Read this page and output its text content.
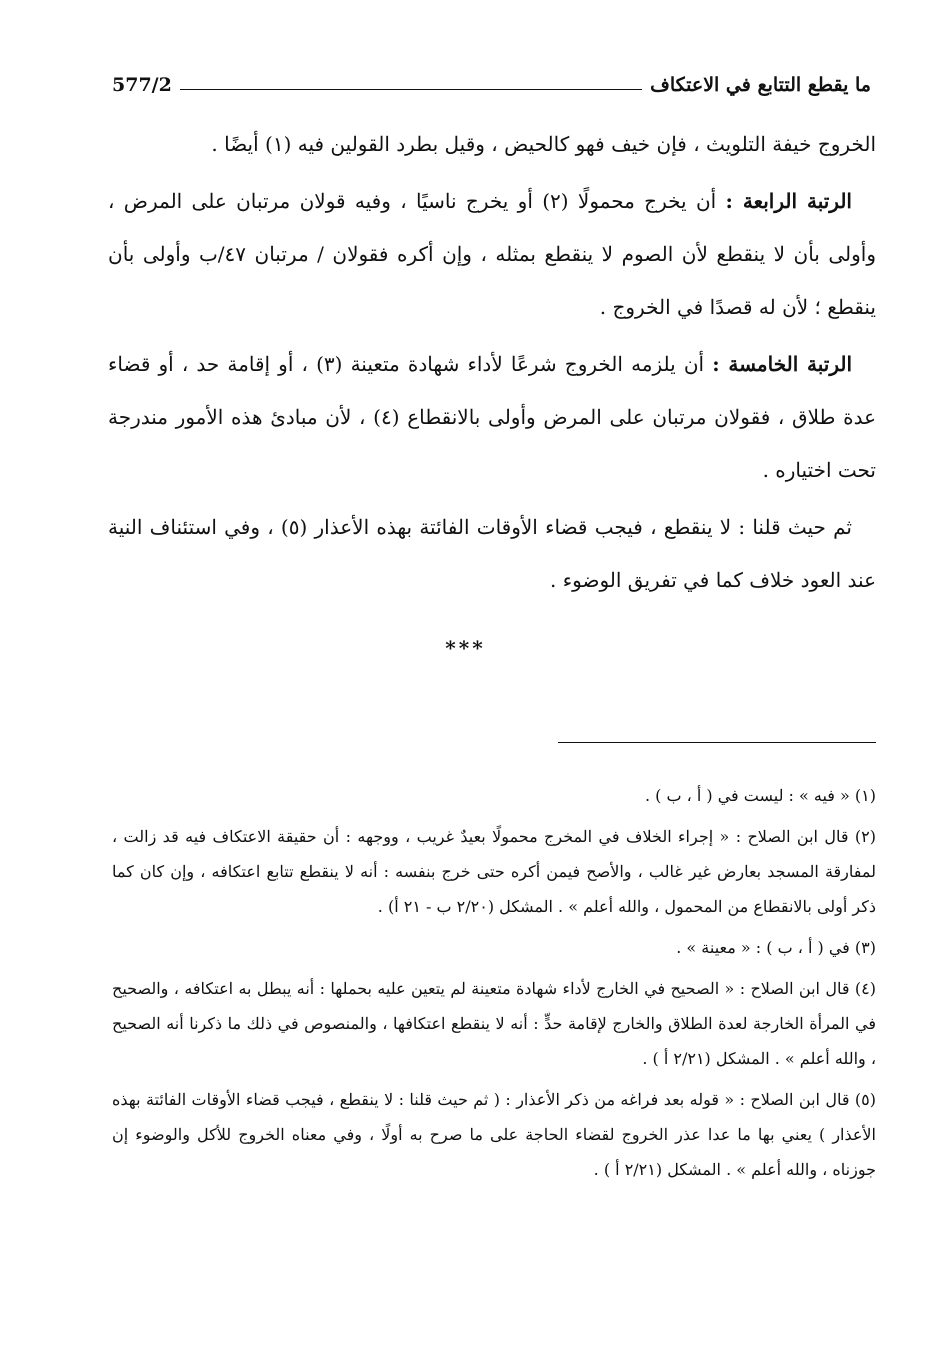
ما يقطع التتابع في الاعتكاف
577/2

الخروج خيفة التلويث ، فإن خيف فهو كالحيض ، وقيل بطرد القولين فيه (١) أيضًا .

الرتبة الرابعة : أن يخرج محمولًا (٢) أو يخرج ناسيًا ، وفيه قولان مرتبان على المرض ، وأولى بأن لا ينقطع لأن الصوم لا ينقطع بمثله ، وإن أكره فقولان / مرتبان ٤٧/ب وأولى بأن ينقطع ؛ لأن له قصدًا في الخروج .

الرتبة الخامسة : أن يلزمه الخروج شرعًا لأداء شهادة متعينة (٣) ، أو إقامة حد ، أو قضاء عدة طلاق ، فقولان مرتبان على المرض وأولى بالانقطاع (٤) ، لأن مبادئ هذه الأمور مندرجة تحت اختياره .

ثم حيث قلنا : لا ينقطع ، فيجب قضاء الأوقات الفائتة بهذه الأعذار (٥) ، وفي استئناف النية عند العود خلاف كما في تفريق الوضوء .

***

(١) « فيه » : ليست في ( أ ، ب ) .

(٢) قال ابن الصلاح : « إجراء الخلاف في المخرج محمولًا بعيدٌ غريب ، ووجهه : أن حقيقة الاعتكاف فيه قد زالت ، لمفارقة المسجد بعارض غير غالب ، والأصح فيمن أكره حتى خرج بنفسه : أنه لا ينقطع تتابع اعتكافه ، وإن كان كما ذكر أولى بالانقطاع من المحمول ، والله أعلم » . المشكل (٢/٢٠ ب - ٢١ أ) .

(٣) في ( أ ، ب ) : « معينة » .

(٤) قال ابن الصلاح : « الصحيح في الخارج لأداء شهادة متعينة لم يتعين عليه بحملها : أنه يبطل به اعتكافه ، والصحيح في المرأة الخارجة لعدة الطلاق والخارج لإقامة حدٍّ : أنه لا ينقطع اعتكافها ، والمنصوص في ذلك ما ذكرنا أنه الصحيح ، والله أعلم » . المشكل (٢/٢١ أ ) .

(٥) قال ابن الصلاح : « قوله بعد فراغه من ذكر الأعذار : ( ثم حيث قلنا : لا ينقطع ، فيجب قضاء الأوقات الفائتة بهذه الأعذار ) يعني بها ما عدا عذر الخروج لقضاء الحاجة على ما صرح به أولًا ، وفي معناه الخروج للأكل والوضوء إن جوزناه ، والله أعلم » . المشكل (٢/٢١ أ ) .
